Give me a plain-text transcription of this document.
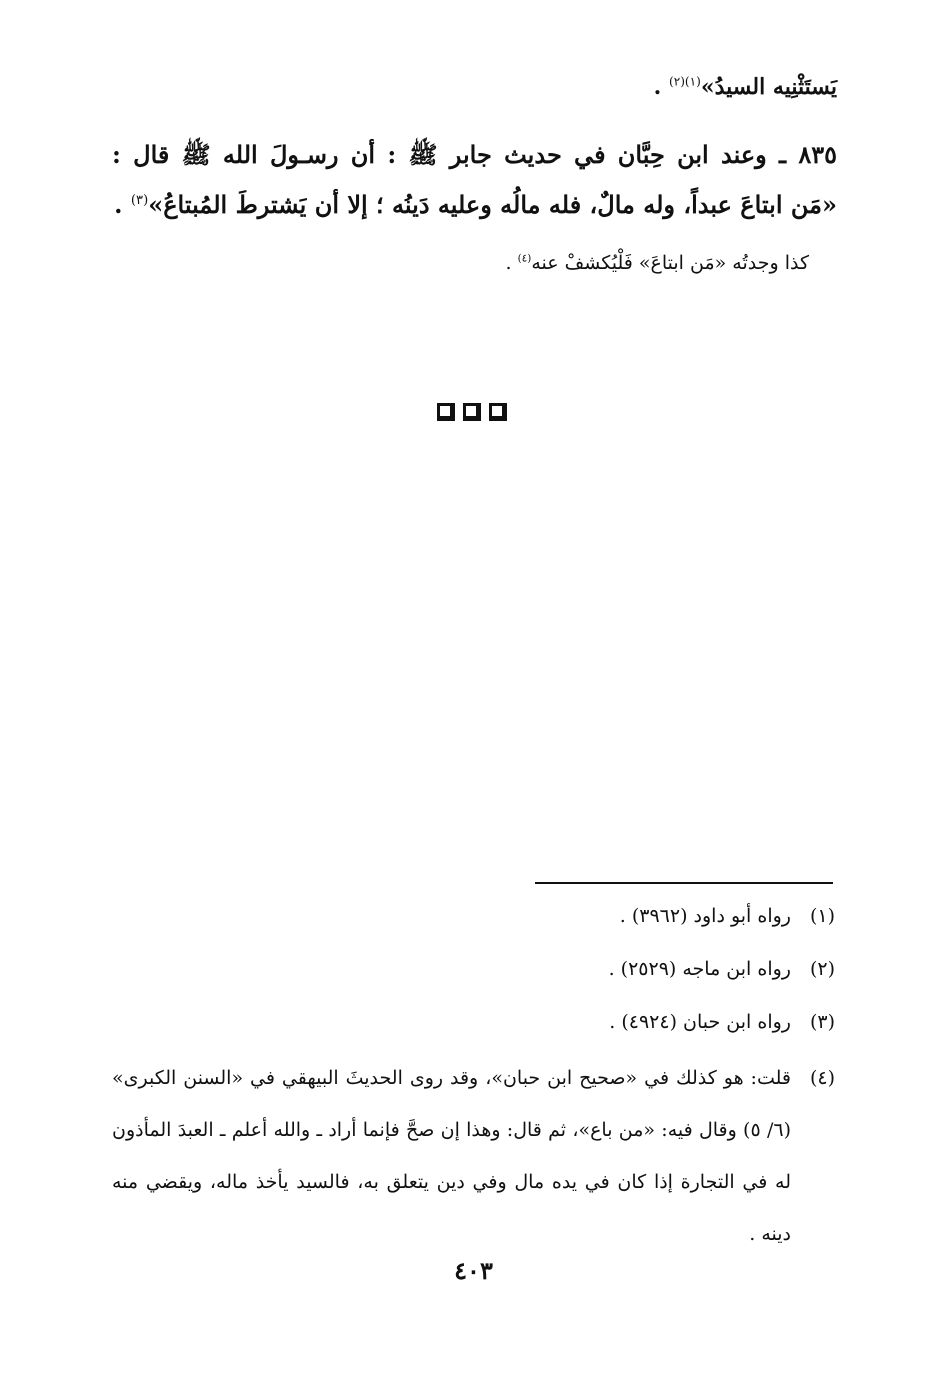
يَستَثْنِيه السيدُ»$^{(١)(٢)}$ .
٨٣٥ ـ وعند ابن حِبَّان في حديث جابر ﷺ : أن رسـولَ الله ﷺ قال :
«مَن ابتاعَ عبداً، وله مالٌ، فله مالُه وعليه دَينُه ؛ إلا أن يَشترطَ المُبتاعُ»$^{(٣)}$ .
كذا وجدتُه «مَن ابتاعَ» فَلْيُكشفْ عنه$^{(٤)}$ .
(١) رواه أبو داود (٣٩٦٢) .
(٢) رواه ابن ماجه (٢٥٢٩) .
(٣) رواه ابن حبان (٤٩٢٤) .
(٤)
قلت: هو كذلك في «صحيح ابن حبان»، وقد روى الحديثَ البيهقي في «السنن الكبرى» (٦/ ٥) وقال فيه: «من باع»، ثم قال: وهذا إن صحَّ فإنما أراد ـ والله أعلم ـ العبدَ المأذون له في التجارة إذا كان في يده مال وفي دين يتعلق به، فالسيد يأخذ ماله، ويقضي منه دينه .
٤٠٣
